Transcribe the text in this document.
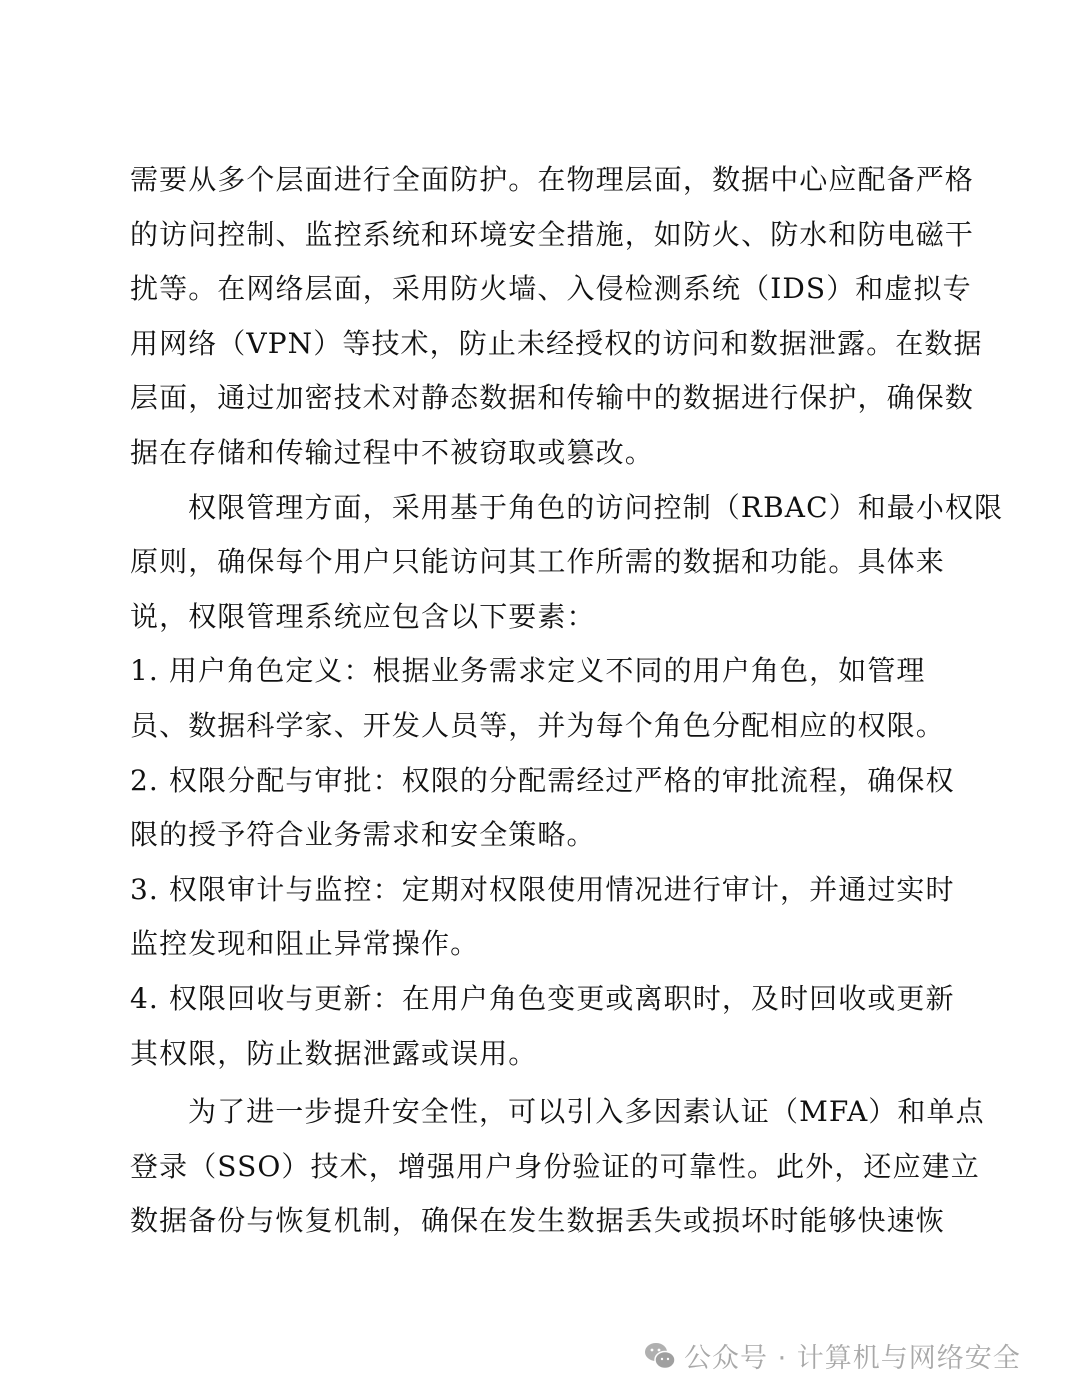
需要从多个层面进行全面防护。在物理层面，数据中心应配备严格
的访问控制、监控系统和环境安全措施，如防火、防水和防电磁干
扰等。在网络层面，采用防火墙、入侵检测系统（IDS）和虚拟专
用网络（VPN）等技术，防止未经授权的访问和数据泄露。在数据
层面，通过加密技术对静态数据和传输中的数据进行保护，确保数
据在存储和传输过程中不被窃取或篡改。
权限管理方面，采用基于角色的访问控制（RBAC）和最小权限
原则，确保每个用户只能访问其工作所需的数据和功能。具体来
说，权限管理系统应包含以下要素：
1. 用户角色定义：根据业务需求定义不同的用户角色，如管理
员、数据科学家、开发人员等，并为每个角色分配相应的权限。
2. 权限分配与审批：权限的分配需经过严格的审批流程，确保权
限的授予符合业务需求和安全策略。
3. 权限审计与监控：定期对权限使用情况进行审计，并通过实时
监控发现和阻止异常操作。
4. 权限回收与更新：在用户角色变更或离职时，及时回收或更新
其权限，防止数据泄露或误用。
为了进一步提升安全性，可以引入多因素认证（MFA）和单点
登录（SSO）技术，增强用户身份验证的可靠性。此外，还应建立
数据备份与恢复机制，确保在发生数据丢失或损坏时能够快速恢
公众号 · 计算机与网络安全
